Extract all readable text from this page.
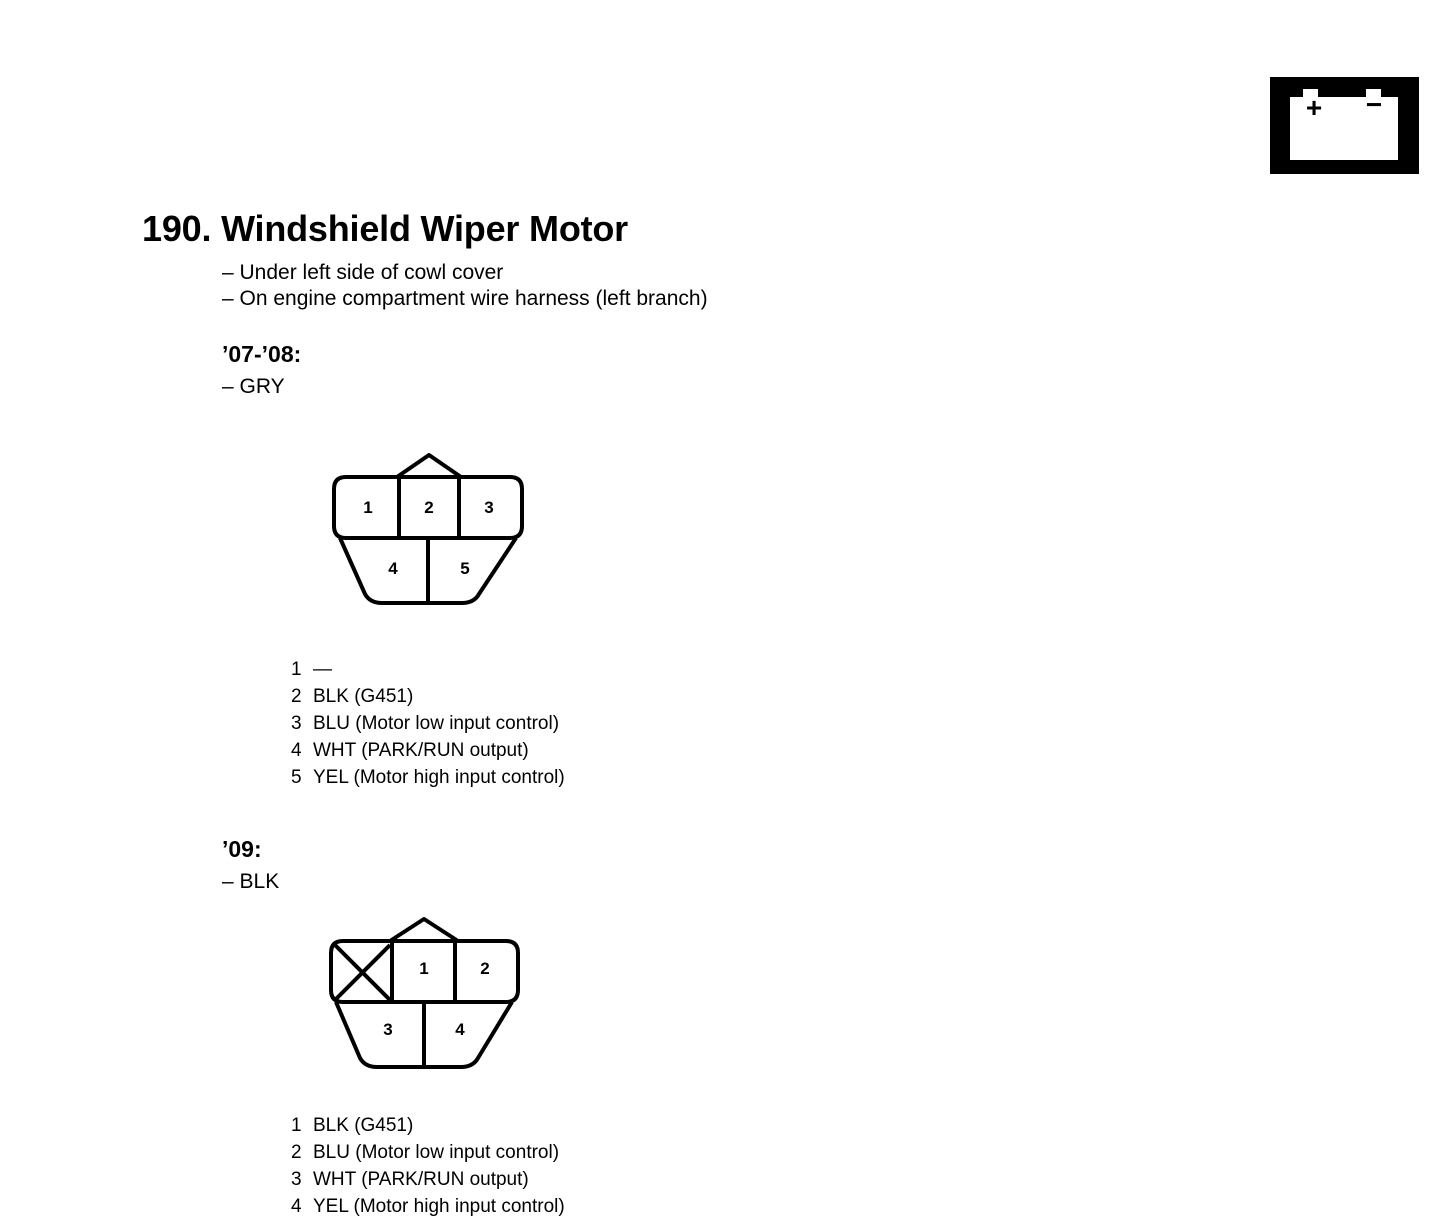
+ −
190. Windshield Wiper Motor
– Under left side of cowl cover
– On engine compartment wire harness (left branch)
’07-’08:
– GRY
1	2	3
4	5
1 —
2 BLK (G451)
3 BLU (Motor low input control)
4 WHT (PARK/RUN output)
5 YEL (Motor high input control)
’09:
– BLK
1	2
3	4
1 BLK (G451)
2 BLU (Motor low input control)
3 WHT (PARK/RUN output)
4 YEL (Motor high input control)
